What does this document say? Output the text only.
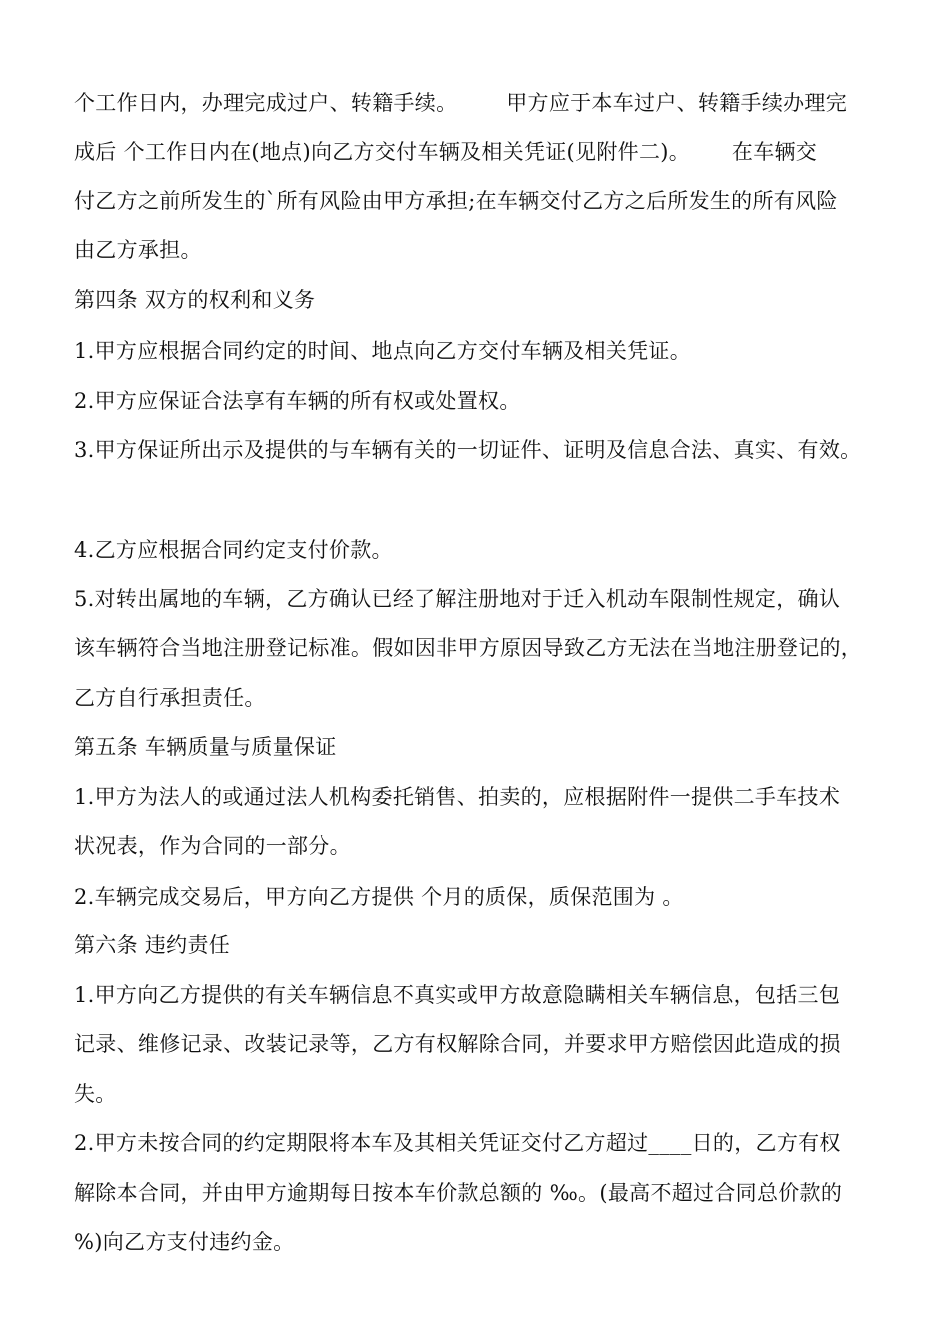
个工作日内，办理完成过户、转籍手续。       甲方应于本车过户、转籍手续办理完
成后 个工作日内在(地点)向乙方交付车辆及相关凭证(见附件二)。      在车辆交
付乙方之前所发生的`所有风险由甲方承担;在车辆交付乙方之后所发生的所有风险
由乙方承担。
第四条 双方的权利和义务
1.甲方应根据合同约定的时间、地点向乙方交付车辆及相关凭证。
2.甲方应保证合法享有车辆的所有权或处置权。
3.甲方保证所出示及提供的与车辆有关的一切证件、证明及信息合法、真实、有效。
4.乙方应根据合同约定支付价款。
5.对转出属地的车辆，乙方确认已经了解注册地对于迁入机动车限制性规定，确认
该车辆符合当地注册登记标准。假如因非甲方原因导致乙方无法在当地注册登记的，
乙方自行承担责任。
第五条 车辆质量与质量保证
1.甲方为法人的或通过法人机构委托销售、拍卖的，应根据附件一提供二手车技术
状况表，作为合同的一部分。
2.车辆完成交易后，甲方向乙方提供 个月的质保，质保范围为 。
第六条 违约责任
1.甲方向乙方提供的有关车辆信息不真实或甲方故意隐瞒相关车辆信息，包括三包
记录、维修记录、改装记录等，乙方有权解除合同，并要求甲方赔偿因此造成的损
失。
2.甲方未按合同的约定期限将本车及其相关凭证交付乙方超过____日的，乙方有权
解除本合同，并由甲方逾期每日按本车价款总额的 ‰。(最高不超过合同总价款的
%)向乙方支付违约金。
